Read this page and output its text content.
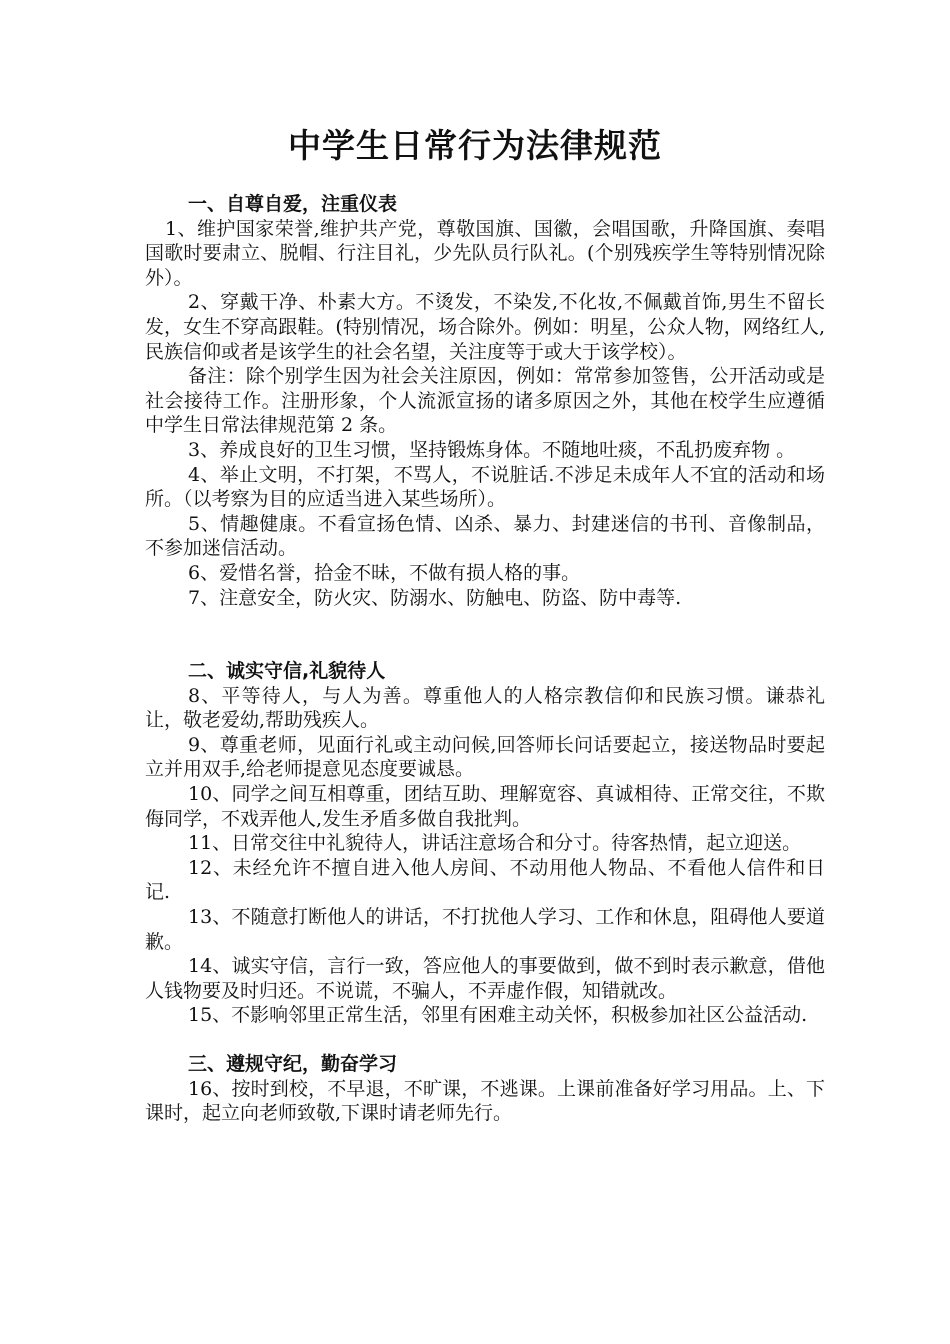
中学生日常行为法律规范

一、自尊自爱，注重仪表

1、维护国家荣誉,维护共产党，尊敬国旗、国徽，会唱国歌，升降国旗、奏唱国歌时要肃立、脱帽、行注目礼，少先队员行队礼。(个别残疾学生等特别情况除外）。

2、穿戴干净、朴素大方。不烫发，不染发,不化妆,不佩戴首饰,男生不留长发，女生不穿高跟鞋。(特别情况，场合除外。例如：明星，公众人物，网络红人,民族信仰或者是该学生的社会名望，关注度等于或大于该学校）。

备注：除个别学生因为社会关注原因，例如：常常参加签售，公开活动或是社会接待工作。注册形象，个人流派宣扬的诸多原因之外，其他在校学生应遵循中学生日常法律规范第 2 条。

3、养成良好的卫生习惯，坚持锻炼身体。不随地吐痰，不乱扔废弃物 。

4、举止文明，不打架，不骂人，不说脏话.不涉足未成年人不宜的活动和场所。（以考察为目的应适当进入某些场所）。

5、情趣健康。不看宣扬色情、凶杀、暴力、封建迷信的书刊、音像制品，不参加迷信活动。

6、爱惜名誉，拾金不昧，不做有损人格的事。

7、注意安全，防火灾、防溺水、防触电、防盗、防中毒等.

二、诚实守信,礼貌待人

8、平等待人，与人为善。尊重他人的人格宗教信仰和民族习惯。谦恭礼让，敬老爱幼,帮助残疾人。

9、尊重老师，见面行礼或主动问候,回答师长问话要起立，接送物品时要起立并用双手,给老师提意见态度要诚恳。

10、同学之间互相尊重，团结互助、理解宽容、真诚相待、正常交往，不欺侮同学，不戏弄他人,发生矛盾多做自我批判。

11、日常交往中礼貌待人，讲话注意场合和分寸。待客热情，起立迎送。

12、未经允许不擅自进入他人房间、不动用他人物品、不看他人信件和日记.

13、不随意打断他人的讲话，不打扰他人学习、工作和休息，阻碍他人要道歉。

14、诚实守信，言行一致，答应他人的事要做到，做不到时表示歉意，借他人钱物要及时归还。不说谎，不骗人，不弄虚作假，知错就改。

15、不影响邻里正常生活，邻里有困难主动关怀，积极参加社区公益活动.

三、遵规守纪，勤奋学习

16、按时到校，不早退，不旷课，不逃课。上课前准备好学习用品。上、下课时，起立向老师致敬,下课时请老师先行。
